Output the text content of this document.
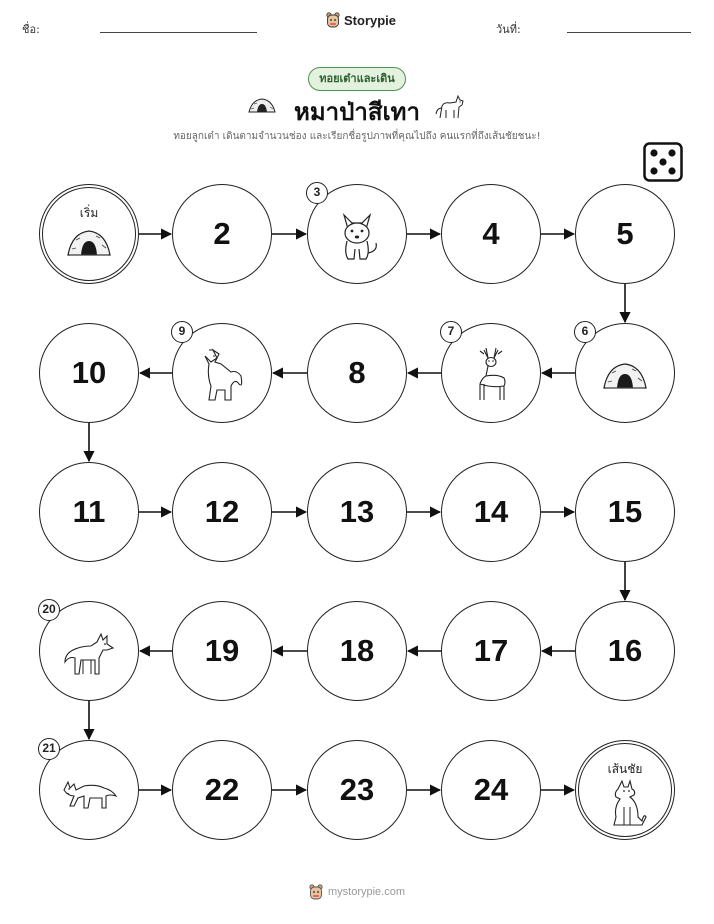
ชื่อ:
Storypie
วันที่:
ทอยเต๋าและเดิน
หมาป่าสีเทา
ทอยลูกเต๋า เดินตามจำนวนช่อง และเรียกชื่อรูปภาพที่คุณไปถึง คนแรกที่ถึงเส้นชัยชนะ!
เริ่ม
2
3
4	5
6
7
8
9
10
11	12	13	14	15
16
17
18
19
20
21
22	23	24
เส้นชัย
mystorypie.com
